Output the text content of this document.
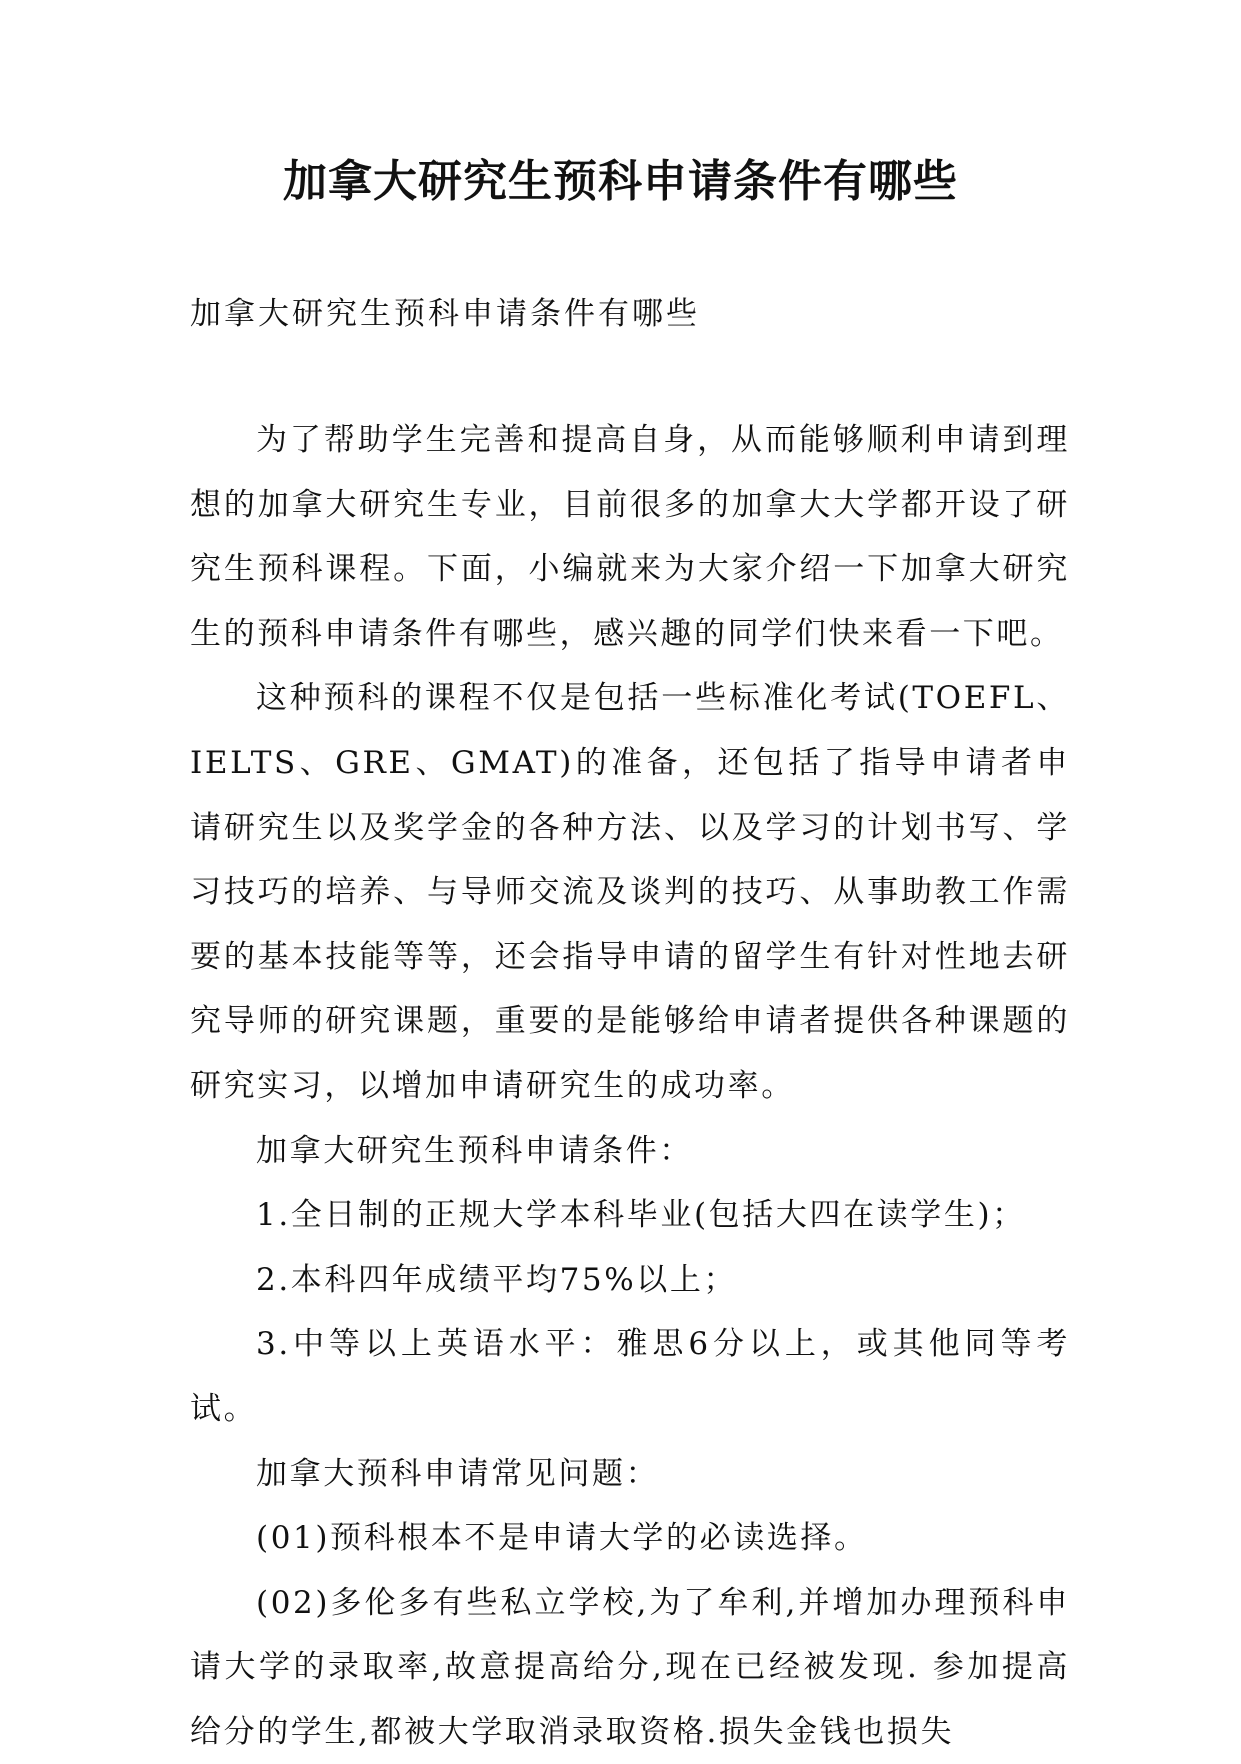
加拿大研究生预科申请条件有哪些

加拿大研究生预科申请条件有哪些

为了帮助学生完善和提高自身，从而能够顺利申请到理想的加拿大研究生专业，目前很多的加拿大大学都开设了研究生预科课程。下面，小编就来为大家介绍一下加拿大研究生的预科申请条件有哪些，感兴趣的同学们快来看一下吧。

这种预科的课程不仅是包括一些标准化考试(TOEFL、IELTS、GRE、GMAT)的准备，还包括了指导申请者申请研究生以及奖学金的各种方法、以及学习的计划书写、学习技巧的培养、与导师交流及谈判的技巧、从事助教工作需要的基本技能等等，还会指导申请的留学生有针对性地去研究导师的研究课题，重要的是能够给申请者提供各种课题的研究实习，以增加申请研究生的成功率。

加拿大研究生预科申请条件：

1.全日制的正规大学本科毕业(包括大四在读学生)；

2.本科四年成绩平均75%以上；

3.中等以上英语水平：雅思6分以上，或其他同等考试。

加拿大预科申请常见问题：

(01)预科根本不是申请大学的必读选择。

(02)多伦多有些私立学校,为了牟利,并增加办理预科申请大学的录取率,故意提高给分,现在已经被发现. 参加提高给分的学生,都被大学取消录取资格.损失金钱也损失
